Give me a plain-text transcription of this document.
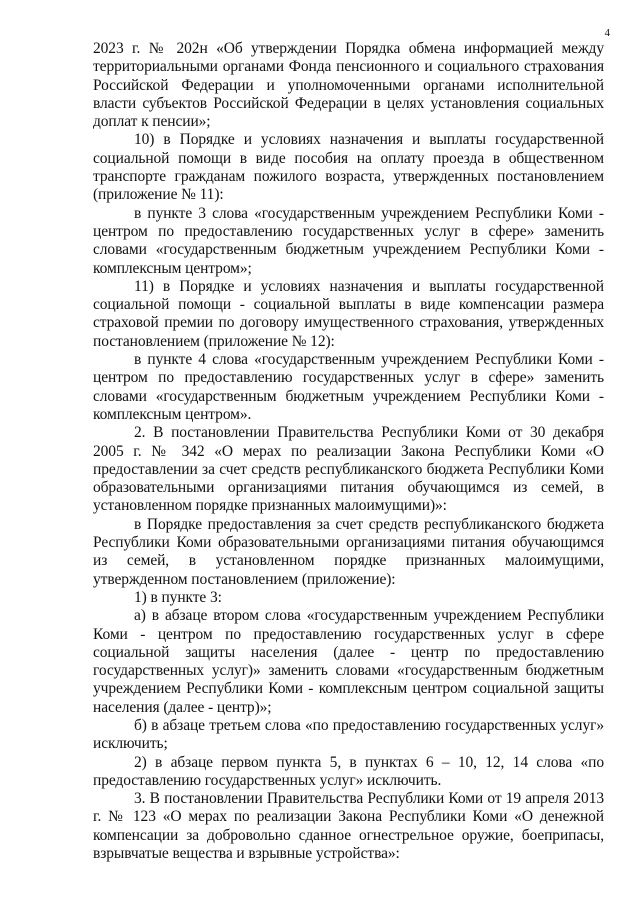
4

2023 г. № 202н «Об утверждении Порядка обмена информацией между территориальными органами Фонда пенсионного и социального страхования Российской Федерации и уполномоченными органами исполнительной власти субъектов Российской Федерации в целях установления социальных доплат к пенсии»;

10) в Порядке и условиях назначения и выплаты государственной социальной помощи в виде пособия на оплату проезда в общественном транспорте гражданам пожилого возраста, утвержденных постановлением (приложение № 11):

в пункте 3 слова «государственным учреждением Республики Коми - центром по предоставлению государственных услуг в сфере» заменить словами «государственным бюджетным учреждением Республики Коми - комплексным центром»;

11) в Порядке и условиях назначения и выплаты государственной социальной помощи - социальной выплаты в виде компенсации размера страховой премии по договору имущественного страхования, утвержденных постановлением (приложение № 12):

в пункте 4 слова «государственным учреждением Республики Коми - центром по предоставлению государственных услуг в сфере» заменить словами «государственным бюджетным учреждением Республики Коми - комплексным центром».

2. В постановлении Правительства Республики Коми от 30 декабря 2005 г. № 342 «О мерах по реализации Закона Республики Коми «О предоставлении за счет средств республиканского бюджета Республики Коми образовательными организациями питания обучающимся из семей, в установленном порядке признанных малоимущими)»:

в Порядке предоставления за счет средств республиканского бюджета Республики Коми образовательными организациями питания обучающимся из семей, в установленном порядке признанных малоимущими, утвержденном постановлением (приложение):

1) в пункте 3:

а) в абзаце втором слова «государственным учреждением Республики Коми - центром по предоставлению государственных услуг в сфере социальной защиты населения (далее - центр по предоставлению государственных услуг)» заменить словами «государственным бюджетным учреждением Республики Коми - комплексным центром социальной защиты населения (далее - центр)»;

б) в абзаце третьем слова «по предоставлению государственных услуг» исключить;

2) в абзаце первом пункта 5, в пунктах 6 – 10, 12, 14 слова «по предоставлению государственных услуг» исключить.

3. В постановлении Правительства Республики Коми от 19 апреля 2013 г. № 123 «О мерах по реализации Закона Республики Коми «О денежной компенсации за добровольно сданное огнестрельное оружие, боеприпасы, взрывчатые вещества и взрывные устройства»:
